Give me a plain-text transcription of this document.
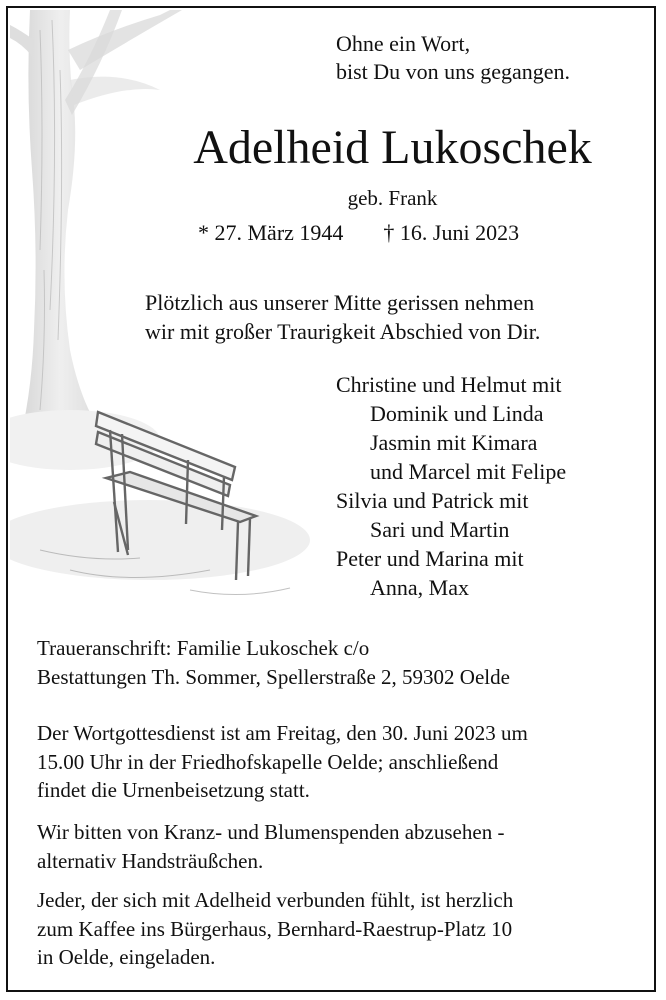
Ohne ein Wort,
bist Du von uns gegangen.
Adelheid Lukoschek
geb. Frank
* 27. März 1944 † 16. Juni 2023
Plötzlich aus unserer Mitte gerissen nehmen
wir mit großer Traurigkeit Abschied von Dir.
Christine und Helmut mit
Dominik und Linda
Jasmin mit Kimara
und Marcel mit Felipe
Silvia und Patrick mit
Sari und Martin
Peter und Marina mit
Anna, Max
Traueranschrift: Familie Lukoschek c/o
Bestattungen Th. Sommer, Spellerstraße 2, 59302 Oelde
Der Wortgottesdienst ist am Freitag, den 30. Juni 2023 um
15.00 Uhr in der Friedhofskapelle Oelde; anschließend
findet die Urnenbeisetzung statt.
Wir bitten von Kranz- und Blumenspenden abzusehen -
alternativ Handsträußchen.
Jeder, der sich mit Adelheid verbunden fühlt, ist herzlich
zum Kaffee ins Bürgerhaus, Bernhard-Raestrup-Platz 10
in Oelde, eingeladen.
